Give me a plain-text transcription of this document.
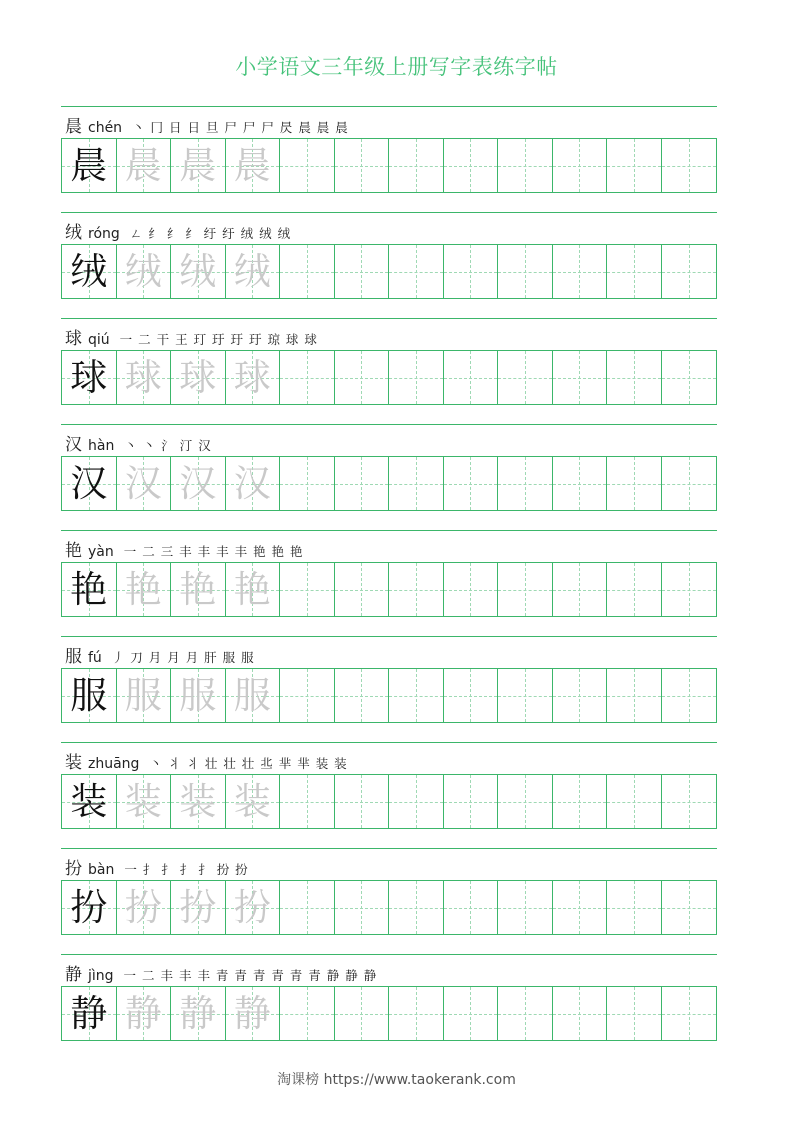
小学语文三年级上册写字表练字帖
晨 chén 丶 冂 日 日 旦 尸 尸 尸 昃 晨 晨 晨
晨 晨 晨 晨
绒 róng ㄥ 纟 纟 纟 纡 纡 绒 绒 绒
绒 绒 绒 绒
球 qiú 一 二 干 王 玎 玗 玗 玗 琼 球 球
球 球 球 球
汉 hàn 丶 丶 氵 汀 汉
汉 汉 汉 汉
艳 yàn 一 二 三 丰 丰 丰 丰 艳 艳 艳
艳 艳 艳 艳
服 fú 丿 刀 月 月 月 肝 服 服
服 服 服 服
装 zhuāng 丶 丬 丬 壮 壮 壮 丠 芈 芈 装 装
装 装 装 装
扮 bàn 一 扌 扌 扌 扌 扮 扮
扮 扮 扮 扮
静 jìng 一 二 丰 丰 丰 青 青 青 青 青 青 静 静 静
静 静 静 静
淘课榜 https://www.taokerank.com
